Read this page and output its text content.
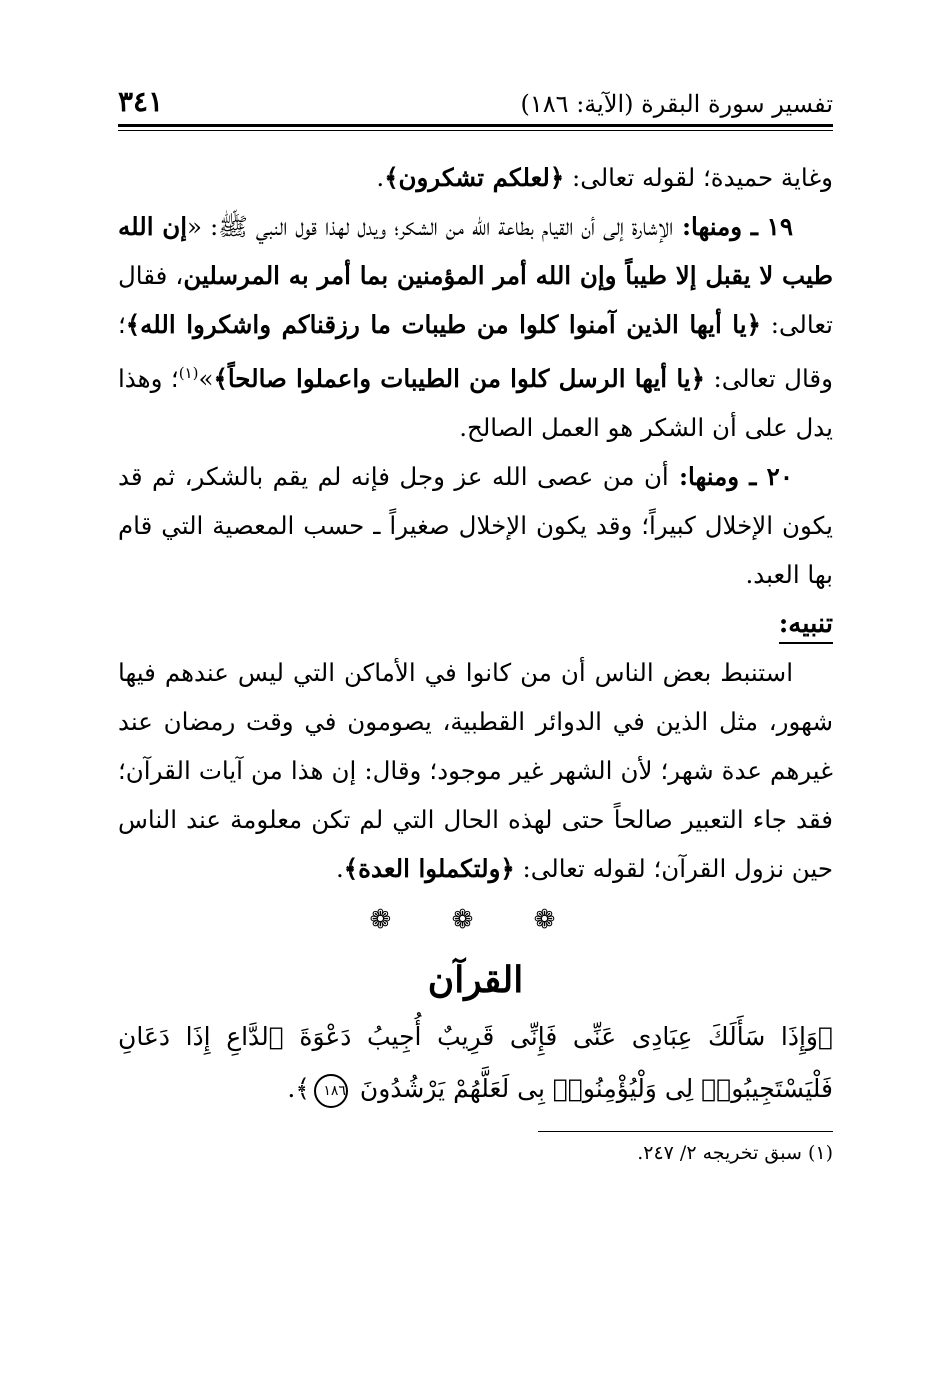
تفسير سورة البقرة (الآية: ١٨٦)
٣٤١

وغاية حميدة؛ لقوله تعالى: ﴿لعلكم تشكرون﴾.

١٩ ـ ومنها: الإشارة إلى أن القيام بطاعة الله من الشكر؛ ويدل لهذا قول النبي ﷺ: «إن الله طيب لا يقبل إلا طيباً وإن الله أمر المؤمنين بما أمر به المرسلين، فقال تعالى: ﴿يا أيها الذين آمنوا كلوا من طيبات ما رزقناكم واشكروا الله﴾؛ وقال تعالى: ﴿يا أيها الرسل كلوا من الطيبات واعملوا صالحاً﴾»$^{(١)}$؛ وهذا يدل على أن الشكر هو العمل الصالح.

٢٠ ـ ومنها: أن من عصى الله عز وجل فإنه لم يقم بالشكر، ثم قد يكون الإخلال كبيراً؛ وقد يكون الإخلال صغيراً ـ حسب المعصية التي قام بها العبد.

تنبيه:

استنبط بعض الناس أن من كانوا في الأماكن التي ليس عندهم فيها شهور، مثل الذين في الدوائر القطبية، يصومون في وقت رمضان عند غيرهم عدة شهر؛ لأن الشهر غير موجود؛ وقال: إن هذا من آيات القرآن؛ فقد جاء التعبير صالحاً حتى لهذه الحال التي لم تكن معلومة عند الناس حين نزول القرآن؛ لقوله تعالى: ﴿ولتكملوا العدة﴾.

❁ ❁ ❁
القرآن
﴿وَإِذَا سَأَلَكَ عِبَادِى عَنِّى فَإِنِّى قَرِيبٌ أُجِيبُ دَعْوَةَ ٱلدَّاعِ إِذَا دَعَانِ فَلْيَسْتَجِيبُوا۟ لِى وَلْيُؤْمِنُوا۟ بِى لَعَلَّهُمْ يَرْشُدُونَ ١٨٦﴾.
(١) سبق تخريجه ٢/ ٢٤٧.
